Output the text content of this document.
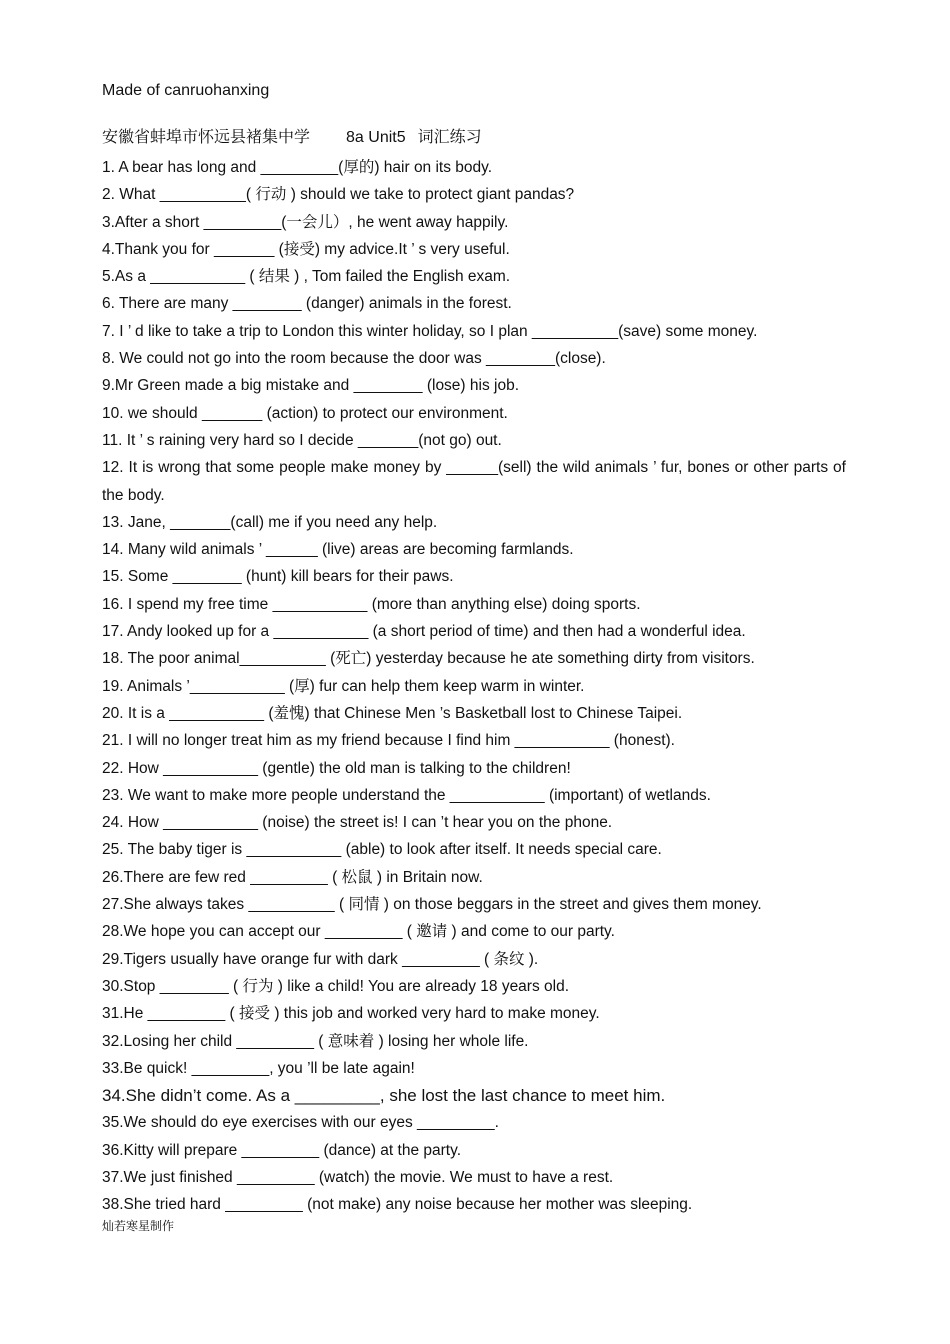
Made of canruohanxing
安徽省蚌埠市怀远县褚集中学 8a Unit5 词汇练习
1. A bear has long and _________(厚的) hair on its body.
2. What __________( 行动 ) should we take to protect giant pandas?
3.After a short _________(一会儿）, he went away happily.
4.Thank you for _______ (接受) my advice.It ’ s very useful.
5.As a ___________ ( 结果 ) , Tom failed the English exam.
6. There are many ________ (danger) animals in the forest.
7. I ’ d like to take a trip to London this winter holiday, so I plan __________(save) some money.
8. We could not go into the room because the door was ________(close).
9.Mr Green made a big mistake and ________ (lose) his job.
10. we should _______ (action) to protect our environment.
11. It ’ s raining very hard so I decide _______(not go) out.
12. It is wrong that some people make money by ______(sell) the wild animals ’ fur, bones or other parts of the body.
13. Jane, _______(call) me if you need any help.
14. Many wild animals ’ ______ (live) areas are becoming farmlands.
15. Some ________ (hunt) kill bears for their paws.
16. I spend my free time ___________ (more than anything else) doing sports.
17. Andy looked up for a ___________ (a short period of time) and then had a wonderful idea.
18. The poor animal__________ (死亡) yesterday because he ate something dirty from visitors.
19. Animals ’___________ (厚) fur can help them keep warm in winter.
20. It is a ___________ (羞愧) that Chinese Men ’s Basketball lost to Chinese Taipei.
21. I will no longer treat him as my friend because I find him ___________ (honest).
22. How ___________ (gentle) the old man is talking to the children!
23. We want to make more people understand the ___________ (important) of wetlands.
24. How ___________ (noise) the street is! I can ’t hear you on the phone.
25. The baby tiger is ___________ (able) to look after itself. It needs special care.
26.There are few red _________ ( 松鼠 ) in Britain now.
27.She always takes __________ ( 同情 ) on those beggars in the street and gives them money.
28.We hope you can accept our _________ ( 邀请 ) and come to our party.
29.Tigers usually have orange fur with dark _________ ( 条纹 ).
30.Stop ________ ( 行为 ) like a child! You are already 18 years old.
31.He _________ ( 接受 ) this job and worked very hard to make money.
32.Losing her child _________ ( 意味着 ) losing her whole life.
33.Be quick! _________, you ’ll be late again!
34.She didn’t come. As a _________, she lost the last chance to meet him.
35.We should do eye exercises with our eyes _________.
36.Kitty will prepare _________ (dance) at the party.
37.We just finished _________ (watch) the movie. We must to have a rest.
38.She tried hard _________ (not make) any noise because her mother was sleeping.
灿若寒星制作
